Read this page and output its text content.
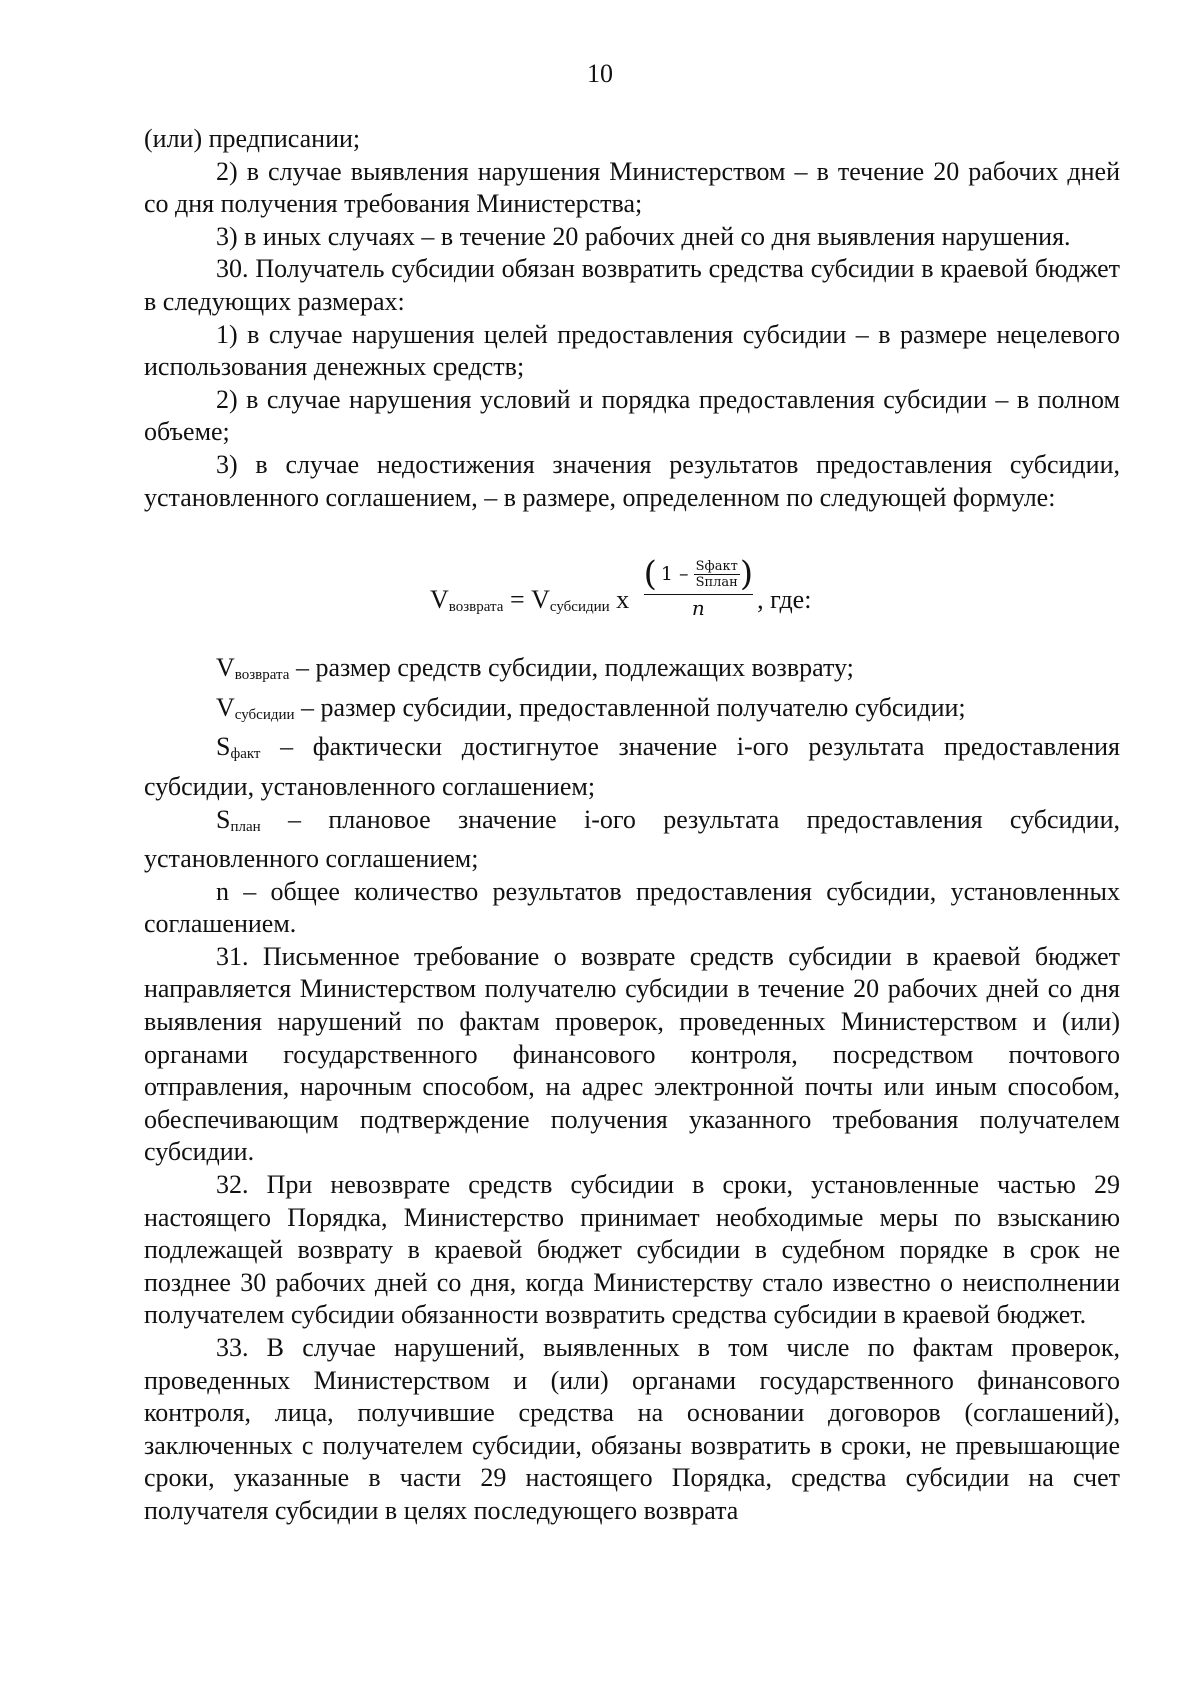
10

(или) предписании;

2) в случае выявления нарушения Министерством – в течение 20 рабочих дней со дня получения требования Министерства;

3) в иных случаях – в течение 20 рабочих дней со дня выявления нарушения.

30. Получатель субсидии обязан возвратить средства субсидии в краевой бюджет в следующих размерах:

1) в случае нарушения целей предоставления субсидии – в размере нецелевого использования денежных средств;

2) в случае нарушения условий и порядка предоставления субсидии – в полном объеме;

3) в случае недостижения значения результатов предоставления субсидии, установленного соглашением, – в размере, определенном по следующей формуле:

$V_{возврата} = V_{субсидии}$ x
( $1 - \frac{\text{Sфакт}}{\text{Sплан}}$ )
n , где:

$V_{возврата}$ – размер средств субсидии, подлежащих возврату;

$V_{субсидии}$ – размер субсидии, предоставленной получателю субсидии;

$S_{факт}$ – фактически достигнутое значение i-ого результата предоставления субсидии, установленного соглашением;

$S_{план}$ – плановое значение i-ого результата предоставления субсидии, установленного соглашением;

n – общее количество результатов предоставления субсидии, установленных соглашением.

31. Письменное требование о возврате средств субсидии в краевой бюджет направляется Министерством получателю субсидии в течение 20 рабочих дней со дня выявления нарушений по фактам проверок, проведенных Министерством и (или) органами государственного финансового контроля, посредством почтового отправления, нарочным способом, на адрес электронной почты или иным способом, обеспечивающим подтверждение получения указанного требования получателем субсидии.

32. При невозврате средств субсидии в сроки, установленные частью 29 настоящего Порядка, Министерство принимает необходимые меры по взысканию подлежащей возврату в краевой бюджет субсидии в судебном порядке в срок не позднее 30 рабочих дней со дня, когда Министерству стало известно о неисполнении получателем субсидии обязанности возвратить средства субсидии в краевой бюджет.

33. В случае нарушений, выявленных в том числе по фактам проверок, проведенных Министерством и (или) органами государственного финансового контроля, лица, получившие средства на основании договоров (соглашений), заключенных с получателем субсидии, обязаны возвратить в сроки, не превышающие сроки, указанные в части 29 настоящего Порядка, средства субсидии на счет получателя субсидии в целях последующего возврата
